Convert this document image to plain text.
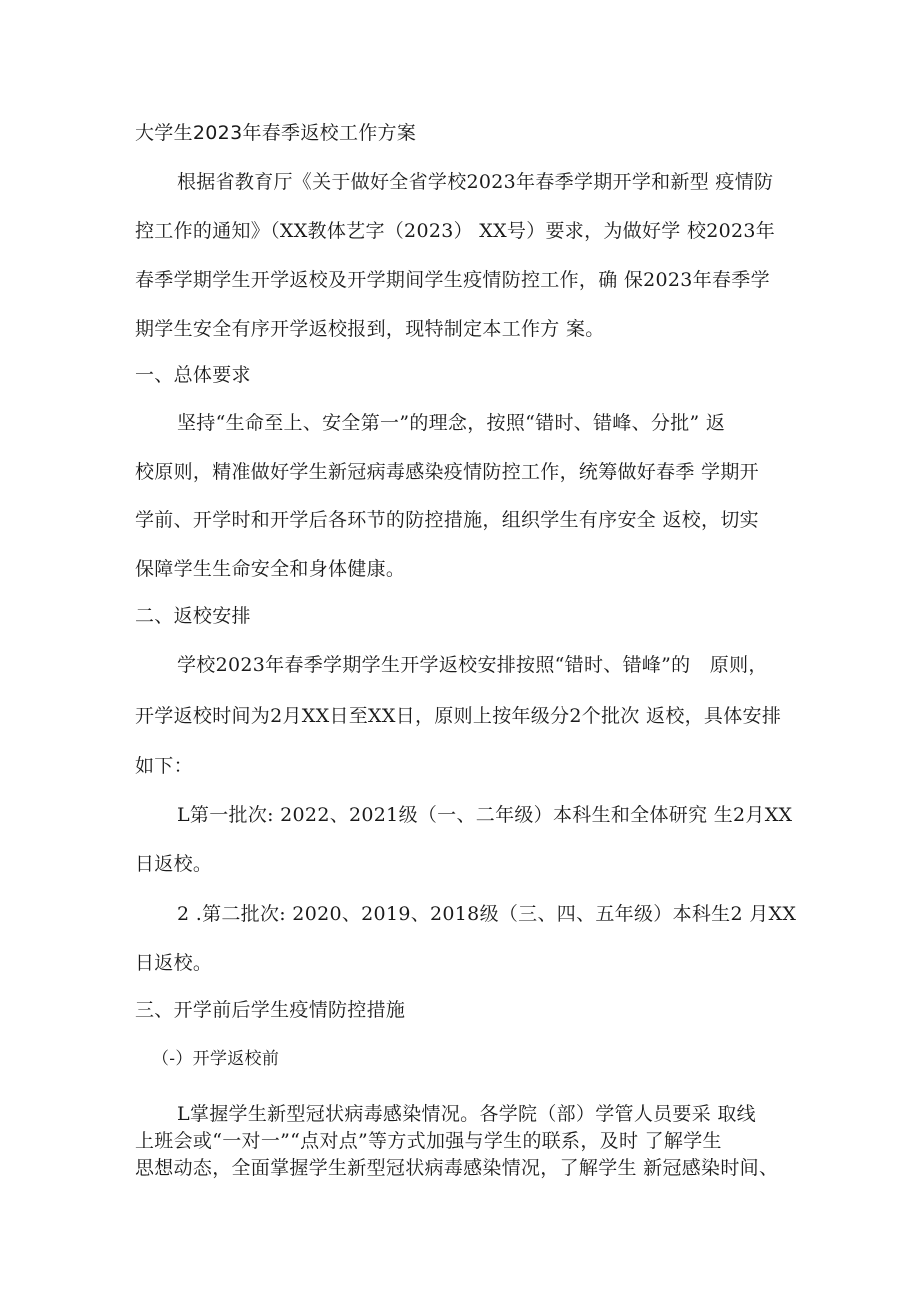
大学生2023年春季返校工作方案
根据省教育厅《关于做好全省学校2023年春季学期开学和新型 疫情防
控工作的通知》（XX教体艺字（2023） XX号）要求，为做好学 校2023年
春季学期学生开学返校及开学期间学生疫情防控工作，确 保2023年春季学
期学生安全有序开学返校报到，现特制定本工作方 案。
一、总体要求
坚持“生命至上、安全第一”的理念，按照“错时、错峰、分批” 返
校原则，精准做好学生新冠病毒感染疫情防控工作，统筹做好春季 学期开
学前、开学时和开学后各环节的防控措施，组织学生有序安全 返校，切实
保障学生生命安全和身体健康。
二、返校安排
学校2023年春季学期学生开学返校安排按照“错时、错峰”的　原则，
开学返校时间为2月XX日至XX日，原则上按年级分2个批次 返校，具体安排
如下：
L第一批次: 2022、2021级（一、二年级）本科生和全体研究 生2月XX
日返校。
2 .第二批次: 2020、2019、2018级（三、四、五年级）本科生2 月XX
日返校。
三、开学前后学生疫情防控措施
（-）开学返校前
L掌握学生新型冠状病毒感染情况。各学院（部）学管人员要采 取线
上班会或“一对一”“点对点”等方式加强与学生的联系，及时 了解学生
思想动态，全面掌握学生新型冠状病毒感染情况，了解学生 新冠感染时间、
